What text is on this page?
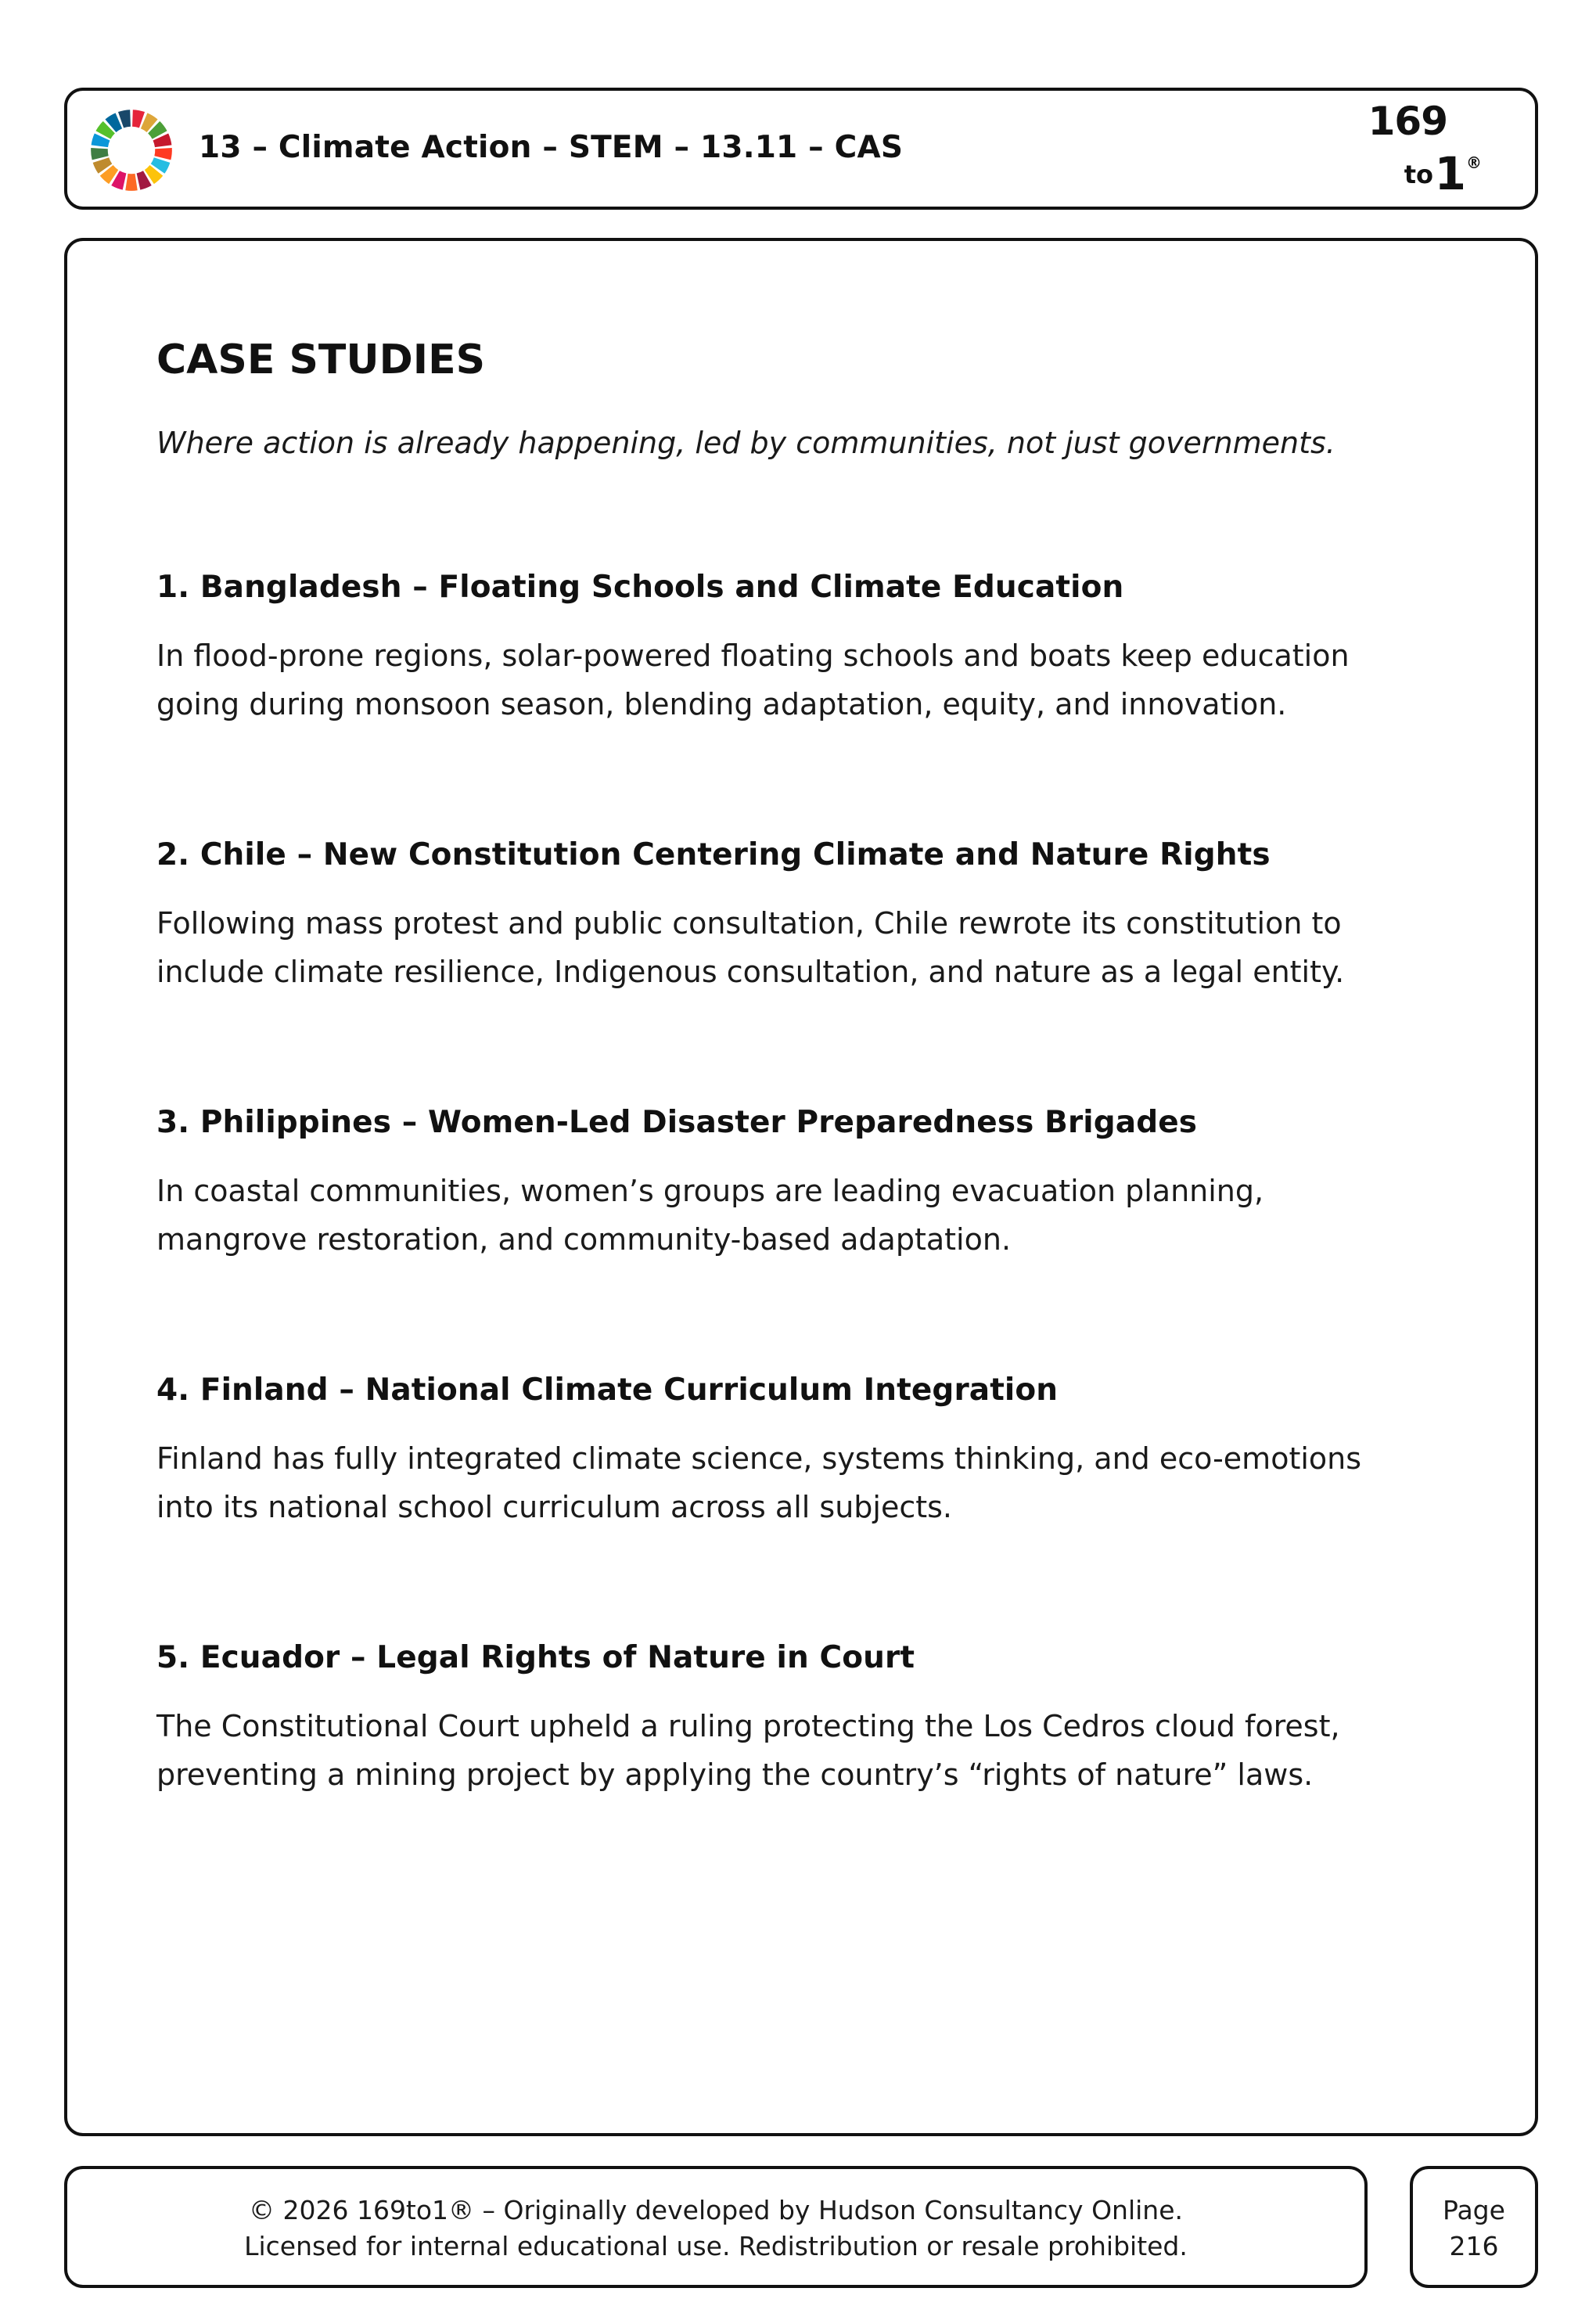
13 – Climate Action – STEM – 13.11 – CAS
169
to 1 ®
CASE STUDIES
Where action is already happening, led by communities, not just governments.
1. Bangladesh – Floating Schools and Climate Education
In flood-prone regions, solar-powered floating schools and boats keep education
going during monsoon season, blending adaptation, equity, and innovation.
2. Chile – New Constitution Centering Climate and Nature Rights
Following mass protest and public consultation, Chile rewrote its constitution to
include climate resilience, Indigenous consultation, and nature as a legal entity.
3. Philippines – Women-Led Disaster Preparedness Brigades
In coastal communities, women’s groups are leading evacuation planning,
mangrove restoration, and community-based adaptation.
4. Finland – National Climate Curriculum Integration
Finland has fully integrated climate science, systems thinking, and eco-emotions
into its national school curriculum across all subjects.
5. Ecuador – Legal Rights of Nature in Court
The Constitutional Court upheld a ruling protecting the Los Cedros cloud forest,
preventing a mining project by applying the country’s “rights of nature” laws.
© 2026 169to1® – Originally developed by Hudson Consultancy Online.
Licensed for internal educational use. Redistribution or resale prohibited.
Page
216
